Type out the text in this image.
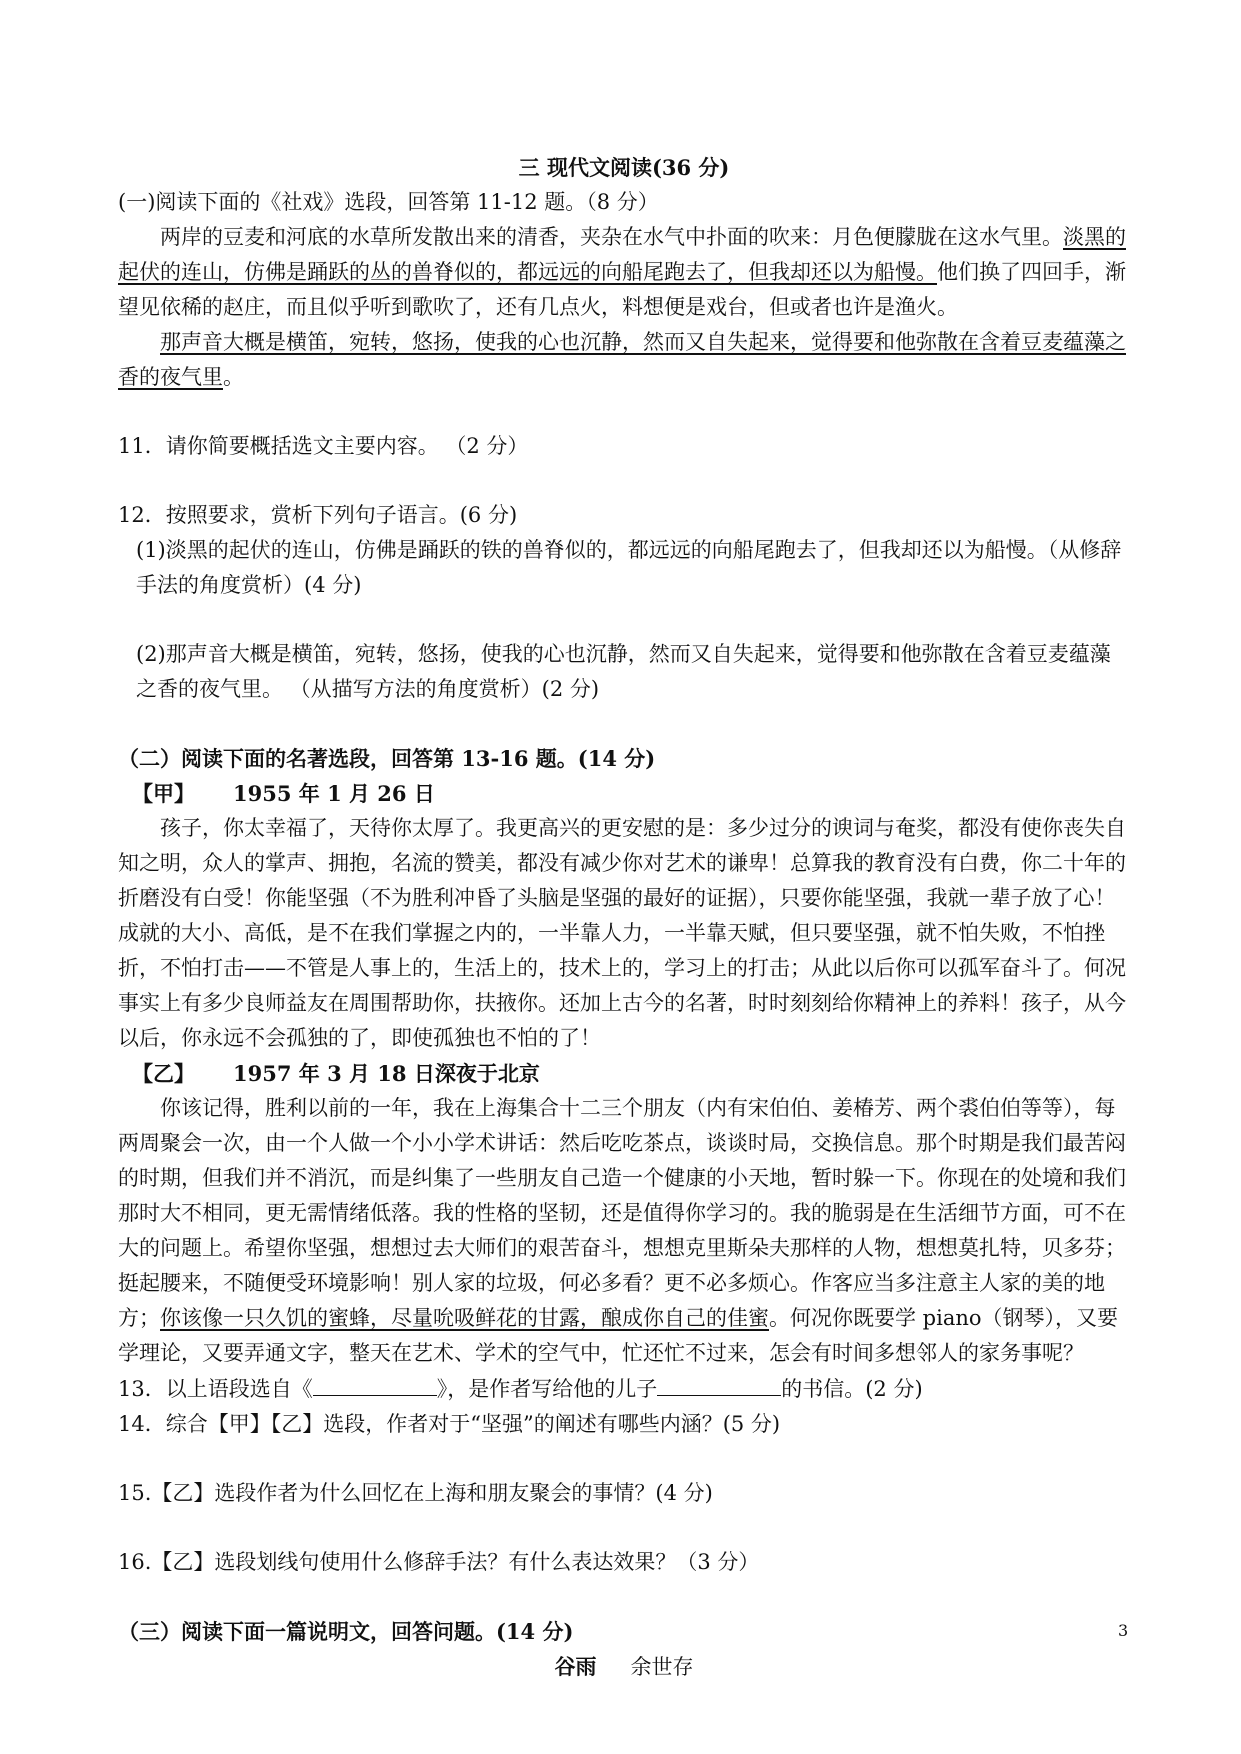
三 现代文阅读(36 分)

(一)阅读下面的《社戏》选段，回答第 11-12 题。（8 分）

两岸的豆麦和河底的水草所发散出来的清香，夹杂在水气中扑面的吹来：月色便朦胧在这水气里。淡黑的起伏的连山，仿佛是踊跃的丛的兽脊似的，都远远的向船尾跑去了，但我却还以为船慢。他们换了四回手，渐望见依稀的赵庄，而且似乎听到歌吹了，还有几点火，料想便是戏台，但或者也许是渔火。

那声音大概是横笛，宛转，悠扬，使我的心也沉静，然而又自失起来，觉得要和他弥散在含着豆麦蕴藻之香的夜气里。

11．请你简要概括选文主要内容。 （2 分）

12．按照要求，赏析下列句子语言。(6 分)

(1)淡黑的起伏的连山，仿佛是踊跃的铁的兽脊似的，都远远的向船尾跑去了，但我却还以为船慢。（从修辞手法的角度赏析）(4 分)

(2)那声音大概是横笛，宛转，悠扬，使我的心也沉静，然而又自失起来，觉得要和他弥散在含着豆麦蕴藻之香的夜气里。 （从描写方法的角度赏析）(2 分)

（二）阅读下面的名著选段，回答第 13-16 题。(14 分)

【甲】 1955 年 1 月 26 日

孩子，你太幸福了，天待你太厚了。我更高兴的更安慰的是：多少过分的谀词与奄奖，都没有使你丧失自知之明，众人的掌声、拥抱，名流的赞美，都没有减少你对艺术的谦卑！总算我的教育没有白费，你二十年的折磨没有白受！你能坚强（不为胜利冲昏了头脑是坚强的最好的证据），只要你能坚强，我就一辈子放了心！成就的大小、高低，是不在我们掌握之内的，一半靠人力，一半靠天赋，但只要坚强，就不怕失败，不怕挫折，不怕打击——不管是人事上的，生活上的，技术上的，学习上的打击；从此以后你可以孤军奋斗了。何况事实上有多少良师益友在周围帮助你，扶掖你。还加上古今的名著，时时刻刻给你精神上的养料！孩子，从今以后，你永远不会孤独的了，即使孤独也不怕的了！

【乙】 1957 年 3 月 18 日深夜于北京

你该记得，胜利以前的一年，我在上海集合十二三个朋友（内有宋伯伯、姜椿芳、两个裘伯伯等等），每两周聚会一次，由一个人做一个小小学术讲话：然后吃吃茶点，谈谈时局，交换信息。那个时期是我们最苦闷的时期，但我们并不消沉，而是纠集了一些朋友自己造一个健康的小天地，暂时躲一下。你现在的处境和我们那时大不相同，更无需情绪低落。我的性格的坚韧，还是值得你学习的。我的脆弱是在生活细节方面，可不在大的问题上。希望你坚强，想想过去大师们的艰苦奋斗，想想克里斯朵夫那样的人物，想想莫扎特，贝多芬；挺起腰来，不随便受环境影响！别人家的垃圾，何必多看？更不必多烦心。作客应当多注意主人家的美的地方；你该像一只久饥的蜜蜂，尽量吮吸鲜花的甘露，酿成你自己的佳蜜。何况你既要学 piano（钢琴），又要学理论，又要弄通文字，整天在艺术、学术的空气中，忙还忙不过来，怎会有时间多想邻人的家务事呢？

13．以上语段选自《	》，是作者写给他的儿子	的书信。(2 分)

14．综合【甲】【乙】选段，作者对于“坚强”的阐述有哪些内涵？(5 分)

15.【乙】选段作者为什么回忆在上海和朋友聚会的事情？(4 分)

16.【乙】选段划线句使用什么修辞手法？有什么表达效果？（3 分）

（三）阅读下面一篇说明文，回答问题。(14 分)

谷雨 余世存

3
